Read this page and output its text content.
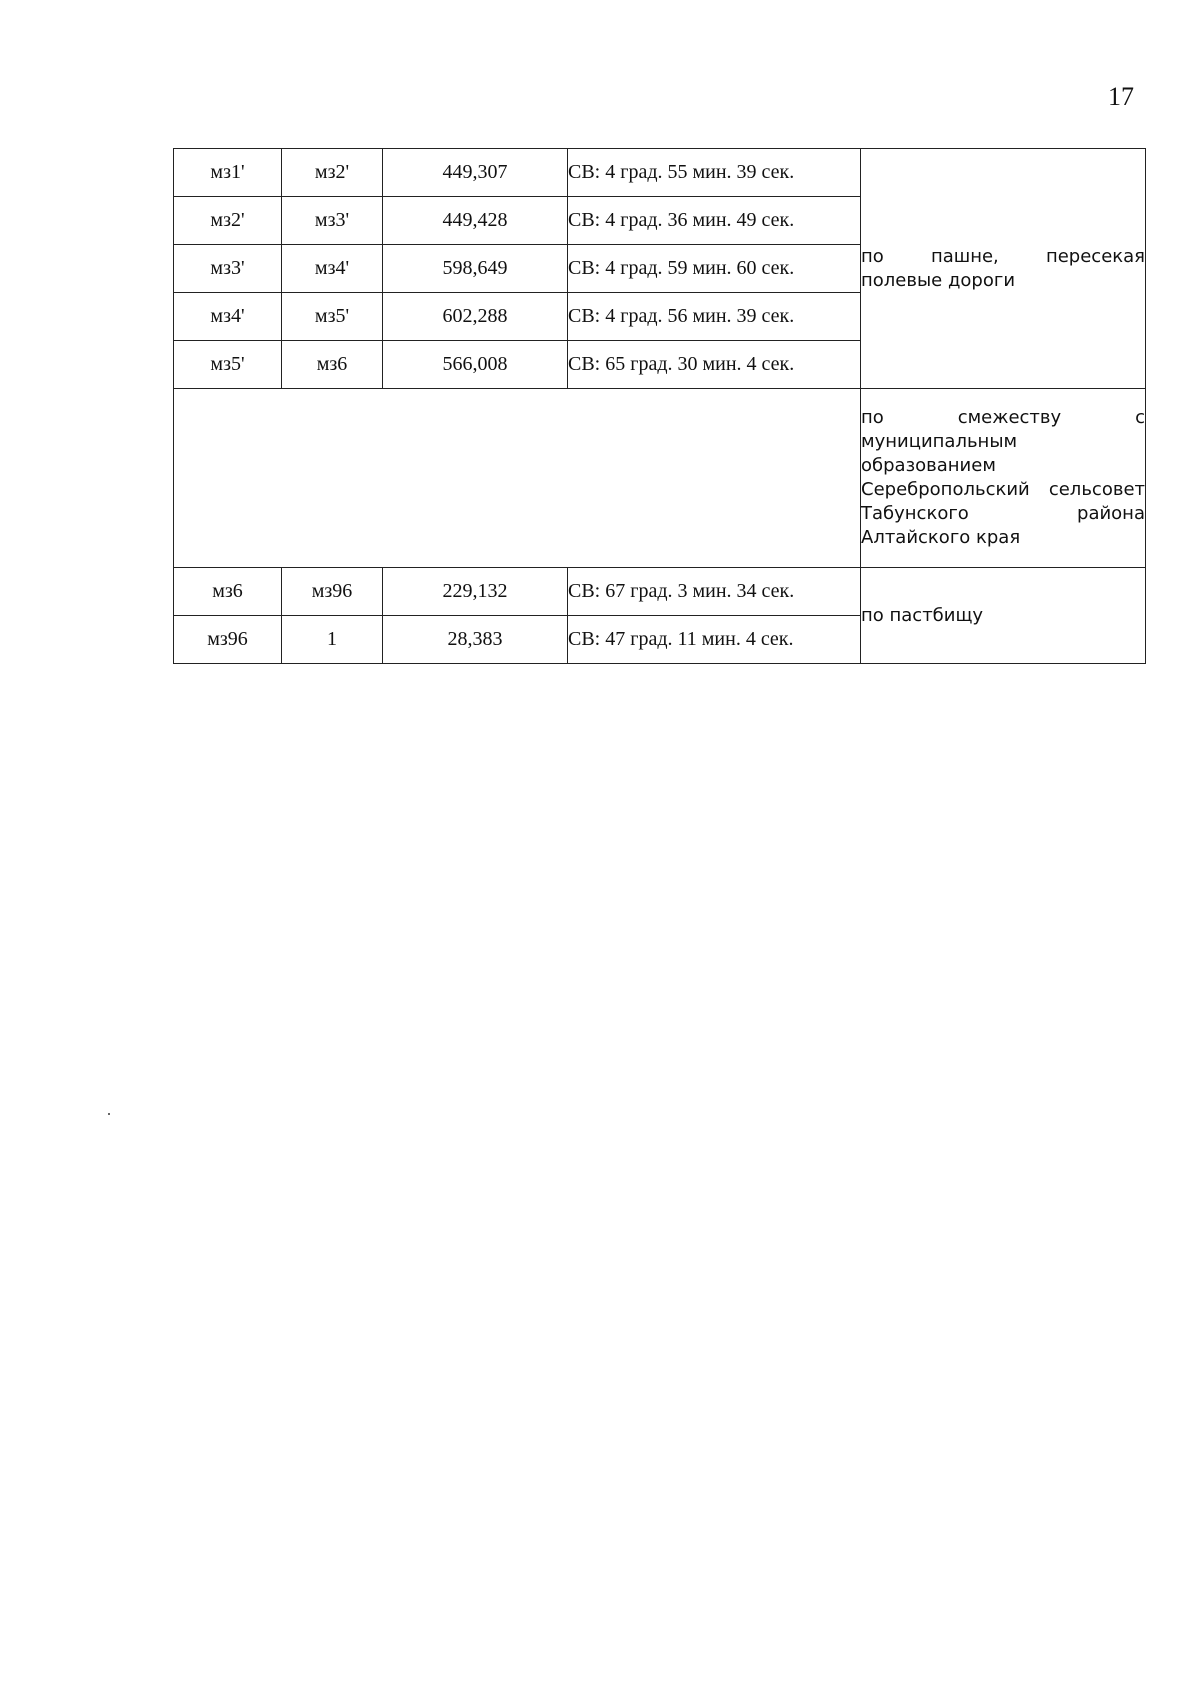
17
мз1'	мз2'	449,307	СВ: 4 град. 55 мин. 39 сек.	по пашне, пересекая полевые дороги
мз2'	мз3'	449,428	СВ: 4 град. 36 мин. 49 сек.	
мз3'	мз4'	598,649	СВ: 4 град. 59 мин. 60 сек.	
мз4'	мз5'	602,288	СВ: 4 град. 56 мин. 39 сек.	
мз5'	мз6	566,008	СВ: 65 град. 30 мин. 4 сек.	
				по смежеству с муниципальным образованием Серебропольский сельсовет Табунского района Алтайского края
мз6	мз96	229,132	СВ: 67 град. 3 мин. 34 сек.	по пастбищу
мз96	1	28,383	СВ: 47 град. 11 мин. 4 сек.	
